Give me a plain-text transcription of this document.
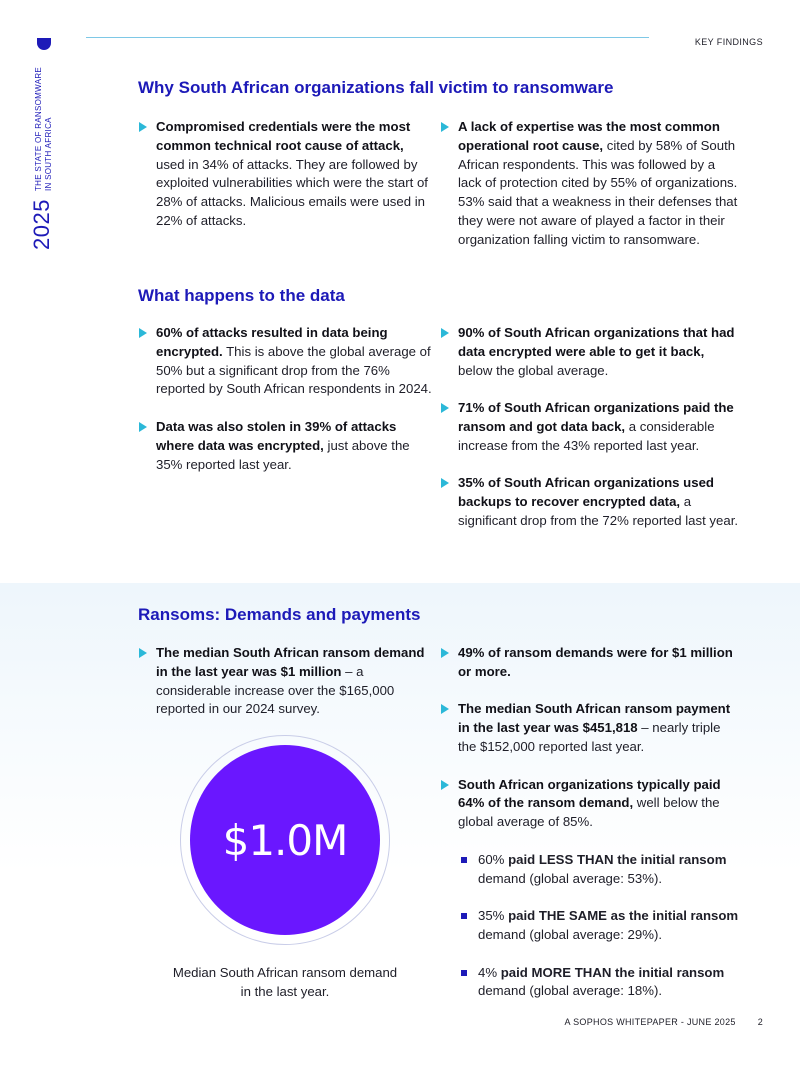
KEY FINDINGS
2025
THE STATE OF RANSOMWARE
IN SOUTH AFRICA
Why South African organizations fall victim to ransomware
Compromised credentials were the most common technical root cause of attack, used in 34% of attacks. They are followed by exploited vulnerabilities which were the start of 28% of attacks. Malicious emails were used in 22% of attacks.
A lack of expertise was the most common operational root cause, cited by 58% of South African respondents. This was followed by a lack of protection cited by 55% of organizations. 53% said that a weakness in their defenses that they were not aware of played a factor in their organization falling victim to ransomware.
What happens to the data
60% of attacks resulted in data being encrypted. This is above the global average of 50% but a significant drop from the 76% reported by South African respondents in 2024.
Data was also stolen in 39% of attacks where data was encrypted, just above the 35% reported last year.
90% of South African organizations that had data encrypted were able to get it back, below the global average.
71% of South African organizations paid the ransom and got data back, a considerable increase from the 43% reported last year.
35% of South African organizations used backups to recover encrypted data, a significant drop from the 72% reported last year.
Ransoms: Demands and payments
The median South African ransom demand in the last year was $1 million – a considerable increase over the $165,000 reported in our 2024 survey.
$1.0M
Median South African ransom demand in the last year.
49% of ransom demands were for $1 million or more.
The median South African ransom payment in the last year was $451,818 – nearly triple the $152,000 reported last year.
South African organizations typically paid 64% of the ransom demand, well below the global average of 85%.
60% paid LESS THAN the initial ransom demand (global average: 53%).
35% paid THE SAME as the initial ransom demand (global average: 29%).
4% paid MORE THAN the initial ransom demand (global average: 18%).
A SOPHOS WHITEPAPER - JUNE 2025 2
